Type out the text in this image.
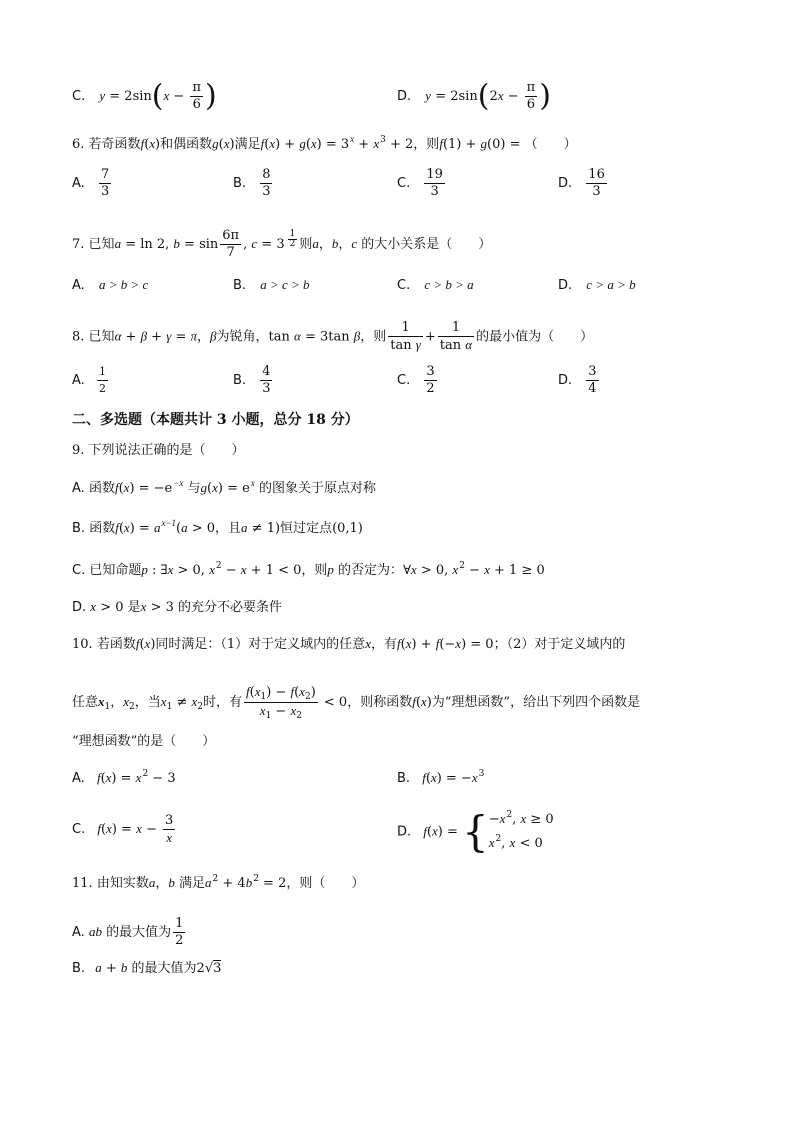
C. $y = 2\sin(x - \frac{\pi}{6}$ )	D. $y = 2\sin(2x - \frac{\pi}{6}$ )
6. 若奇函数f(x)和偶函数g(x)满足$f(x) + g(x) = 3^x + x^3 + 2$，则f(1) + g(0) = （　　）
A. $\frac{7}{3}$	B. $\frac{8}{3}$	C. $\frac{19}{3}$	D. $\frac{16}{3}$
7. 已知a = ln 2, $b = \sin \frac{6\pi}{7}$ , c = 3 $^{\frac{1}{2}}$ 则a，b，c 的大小关系是（　　）
A. a > b > c	B. a > c > b	C. c > b > a	D. c > a > b
8. 已知α + β + γ = π，β为锐角，tan α = 3tan β，则 $\frac{1}{\text{tan γ}} + \frac{1}{\text{tan α}}$ 的最小值为（　　）
A. $\frac{1}{2}$	B. $\frac{4}{3}$	C. $\frac{3}{2}$	D. $\frac{3}{4}$
二、多选题（本题共计 3 小题，总分 18 分）
9. 下列说法正确的是（　　）
A. 函数$f(x) = -e^{-x}$ 与$g(x) = e^x$ 的图象关于原点对称
B. 函数$f(x) = a^{x-1}(a > 0$，且a ≠ 1)恒过定点(0,1)
C. 已知命题p : ∃x > 0, $x^2 - x + 1 < 0$，则p 的否定为：∀x > 0, $x^2 - x + 1 \ge 0$
D. x > 0 是x > 3 的充分不必要条件
10. 若函数f(x)同时满足：（1）对于定义域内的任意x，有f(x) + f(−x) = 0；（2）对于定义域内的
任意$x_1$，$x_2$，当$x_1 \ne x_2$时，有 $\frac{f(x_1) - f(x_2)}{x_1 - x_2} < 0$，则称函数f(x)为“理想函数”，给出下列四个函数是
“理想函数”的是（　　）
A. $f(x) = x^2 - 3$	B. $f(x) = -x^3$
C. $f(x) = x - \frac{3}{x}$	D. f(x) = { $-x^2$, x ≥ 0
$x^2$, x < 0
11. 由知实数a，b 满足$a^2 + 4b^2 = 2$，则（　　）
A. ab 的最大值为 $\frac{1}{2}$
B. a + b 的最大值为2√3
